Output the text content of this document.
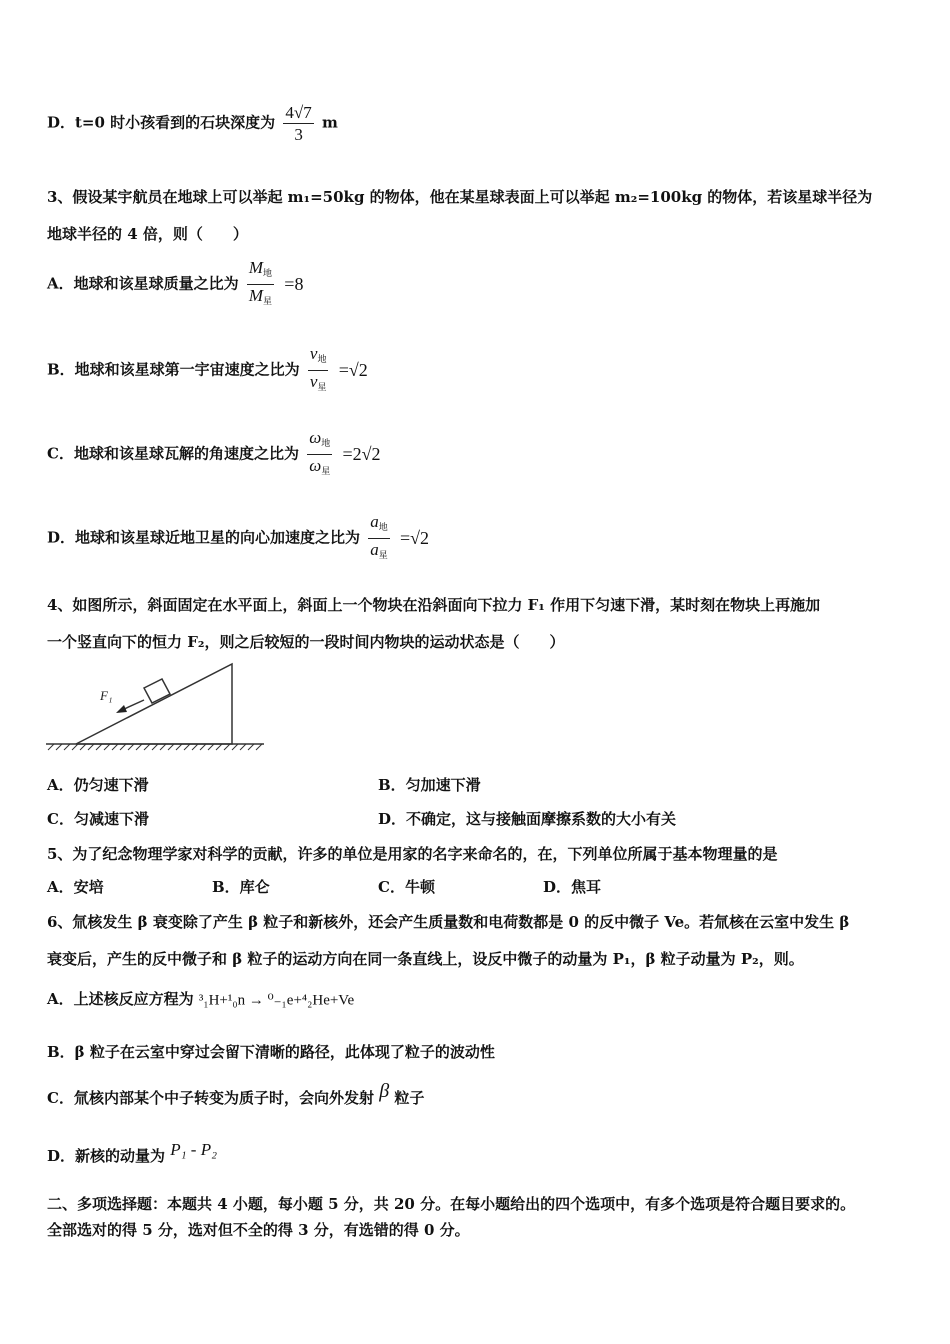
D．t=0 时小孩看到的石块深度为 $\frac{4√7}{3}$ m
3、假设某宇航员在地球上可以举起 m₁=50kg 的物体，他在某星球表面上可以举起 m₂=100kg 的物体，若该星球半径为
地球半径的 4 倍，则（　　）
A．地球和该星球质量之比为 $\frac{M_地}{M_星} =8$
B．地球和该星球第一宇宙速度之比为 $\frac{v_地}{v_星} =√2$
C．地球和该星球瓦解的角速度之比为 $\frac{\omega_地}{\omega_星} =2√2$
D．地球和该星球近地卫星的向心加速度之比为 $\frac{a_地}{a_星} =√2$
4、如图所示，斜面固定在水平面上，斜面上一个物块在沿斜面向下拉力 F₁ 作用下匀速下滑，某时刻在物块上再施加
一个竖直向下的恒力 F₂，则之后较短的一段时间内物块的运动状态是（　　）
F₁
A．仍匀速下滑	B．匀加速下滑
C．匀减速下滑	D．不确定，这与接触面摩擦系数的大小有关
5、为了纪念物理学家对科学的贡献，许多的单位是用家的名字来命名的，在，下列单位所属于基本物理量的是
A．安培	B．库仑	C．牛顿	D．焦耳
6、氚核发生 β 衰变除了产生 β 粒子和新核外，还会产生质量数和电荷数都是 0 的反中微子 Ve。若氚核在云室中发生 β
衰变后，产生的反中微子和 β 粒子的运动方向在同一条直线上，设反中微子的动量为 P₁，β 粒子动量为 P₂，则。
A．上述核反应方程为 ³₁H+¹₀n → ⁰₋₁e+⁴₂He+Ve
B．β 粒子在云室中穿过会留下清晰的路径，此体现了粒子的波动性
C．氚核内部某个中子转变为质子时，会向外发射 β 粒子
D．新核的动量为 P₁ - P₂
二、多项选择题：本题共 4 小题，每小题 5 分，共 20 分。在每小题给出的四个选项中，有多个选项是符合题目要求的。
全部选对的得 5 分，选对但不全的得 3 分，有选错的得 0 分。
